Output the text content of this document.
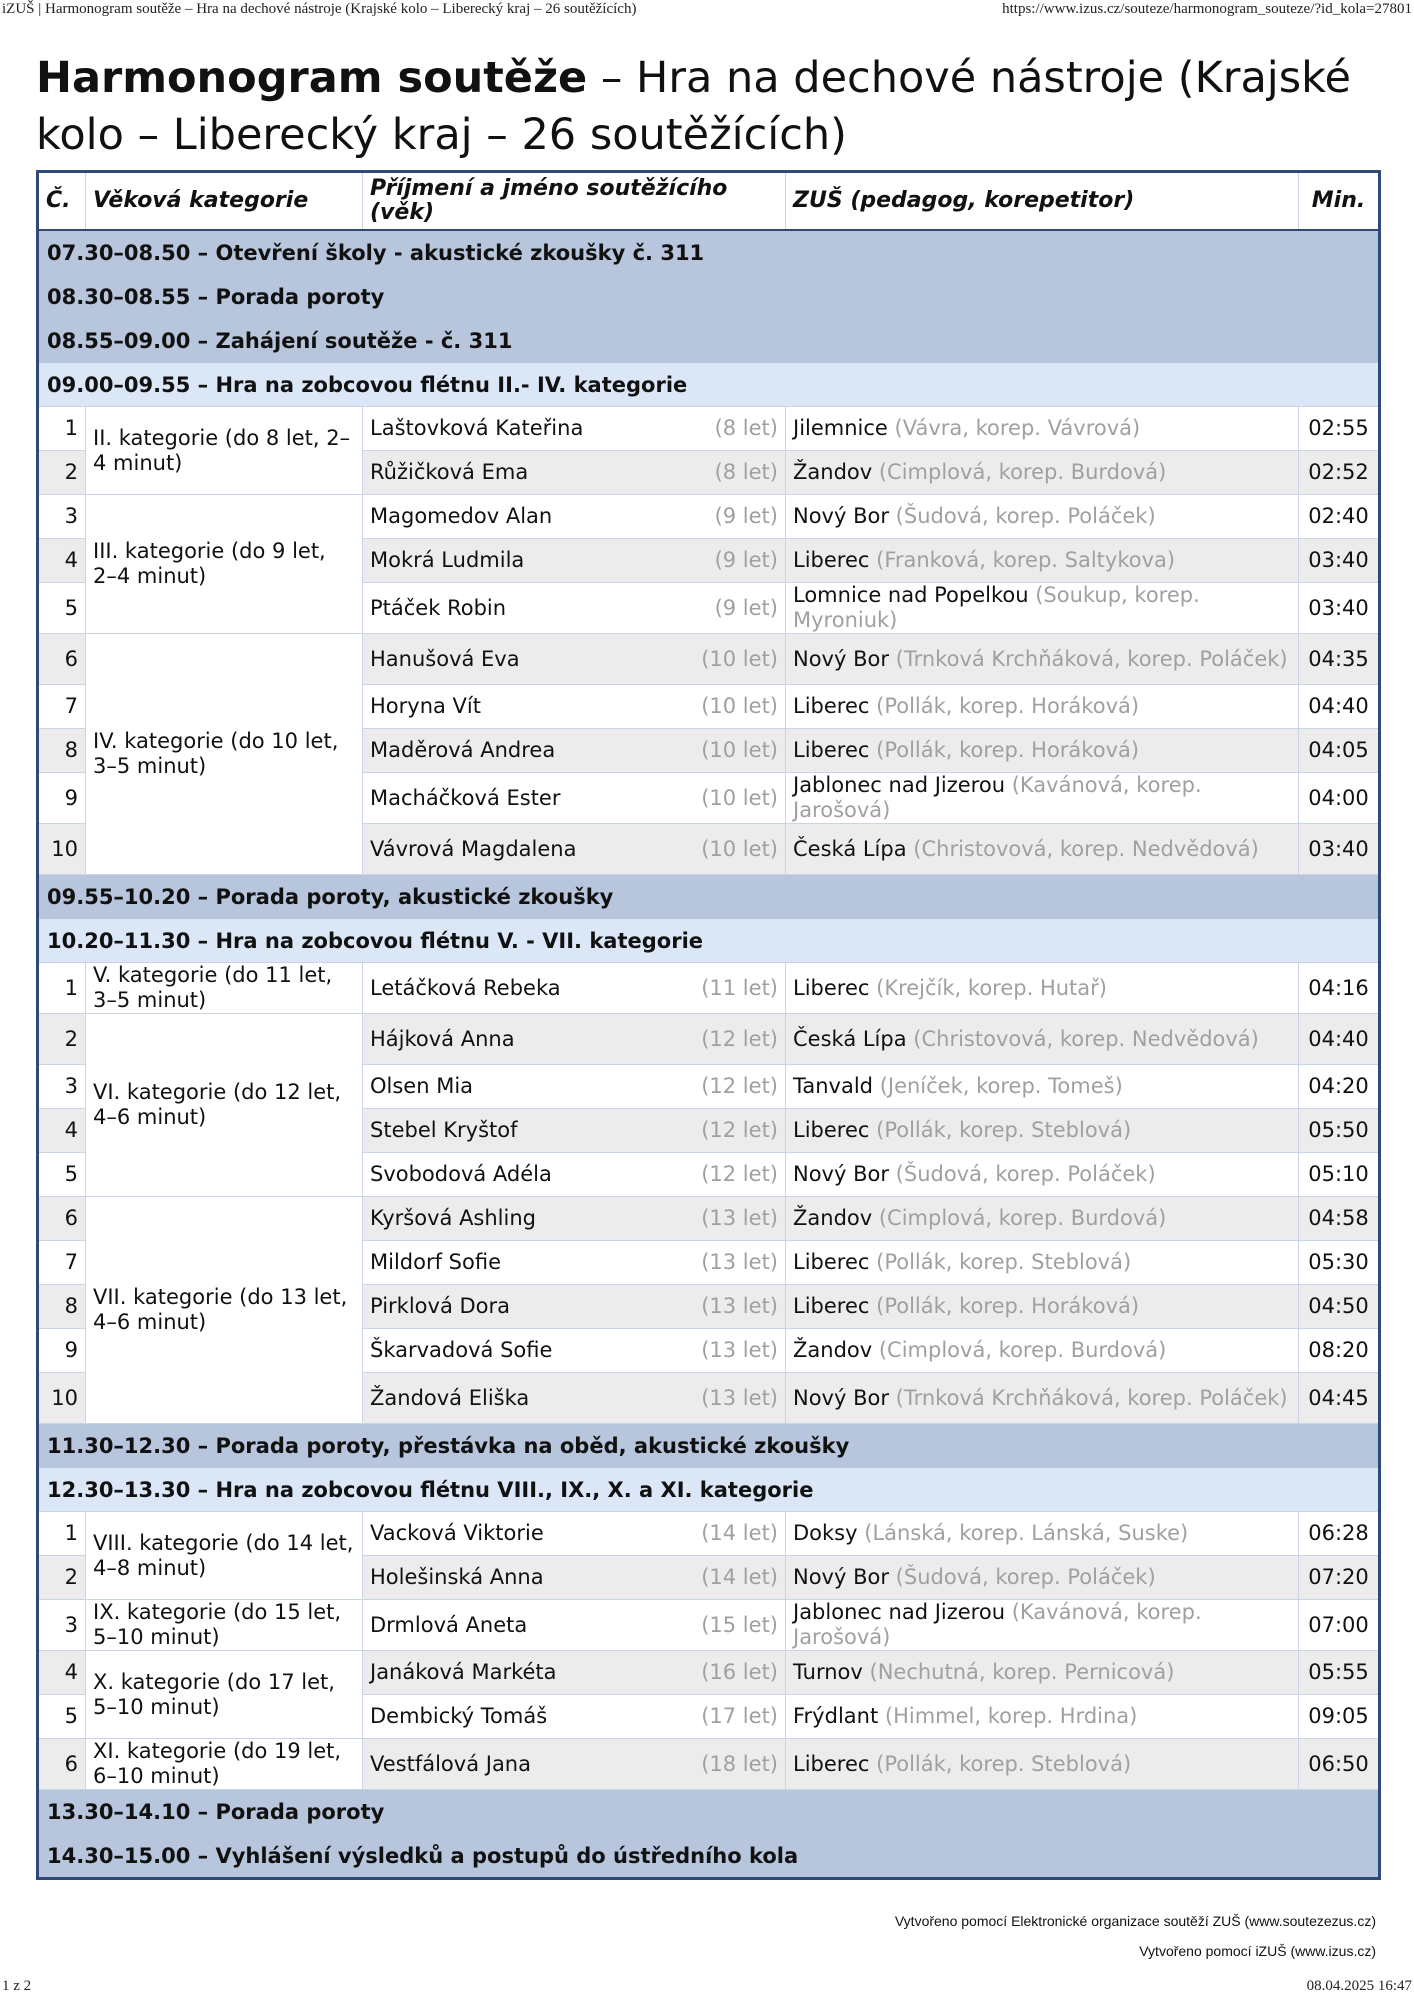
iZUŠ | Harmonogram soutěže – Hra na dechové nástroje (Krajské kolo – Liberecký kraj – 26 soutěžících)	https://www.izus.cz/souteze/harmonogram_souteze/?id_kola=27801
Harmonogram soutěže – Hra na dechové nástroje (Krajské kolo – Liberecký kraj – 26 soutěžících)
Č.	Věková kategorie	Příjmení a jméno soutěžícího (věk)	ZUŠ (pedagog, korepetitor)	Min.
07.30–08.50 – Otevření školy - akustické zkoušky č. 311				
08.30–08.55 – Porada poroty				
08.55–09.00 – Zahájení soutěže - č. 311				
09.00–09.55 – Hra na zobcovou flétnu II.- IV. kategorie				
1	II. kategorie (do 8 let, 2–4 minut)	Laštovková Kateřina (8 let)	Jilemnice (Vávra, korep. Vávrová)	02:55
2		Růžičková Ema (8 let)	Žandov (Cimplová, korep. Burdová)	02:52
3	III. kategorie (do 9 let, 2–4 minut)	Magomedov Alan (9 let)	Nový Bor (Šudová, korep. Poláček)	02:40
4		Mokrá Ludmila (9 let)	Liberec (Franková, korep. Saltykova)	03:40
5		Ptáček Robin (9 let)	Lomnice nad Popelkou (Soukup, korep. Myroniuk)	03:40
6	IV. kategorie (do 10 let, 3–5 minut)	Hanušová Eva (10 let)	Nový Bor (Trnková Krchňáková, korep. Poláček)	04:35
7		Horyna Vít (10 let)	Liberec (Pollák, korep. Horáková)	04:40
8		Maděrová Andrea (10 let)	Liberec (Pollák, korep. Horáková)	04:05
9		Macháčková Ester (10 let)	Jablonec nad Jizerou (Kavánová, korep. Jarošová)	04:00
10		Vávrová Magdalena (10 let)	Česká Lípa (Christovová, korep. Nedvědová)	03:40
09.55–10.20 – Porada poroty, akustické zkoušky				
10.20–11.30 – Hra na zobcovou flétnu V. - VII. kategorie				
1	V. kategorie (do 11 let, 3–5 minut)	Letáčková Rebeka (11 let)	Liberec (Krejčík, korep. Hutař)	04:16
2	VI. kategorie (do 12 let, 4–6 minut)	Hájková Anna (12 let)	Česká Lípa (Christovová, korep. Nedvědová)	04:40
3		Olsen Mia (12 let)	Tanvald (Jeníček, korep. Tomeš)	04:20
4		Stebel Kryštof (12 let)	Liberec (Pollák, korep. Steblová)	05:50
5		Svobodová Adéla (12 let)	Nový Bor (Šudová, korep. Poláček)	05:10
6	VII. kategorie (do 13 let, 4–6 minut)	Kyršová Ashling (13 let)	Žandov (Cimplová, korep. Burdová)	04:58
7		Mildorf Sofie (13 let)	Liberec (Pollák, korep. Steblová)	05:30
8		Pirklová Dora (13 let)	Liberec (Pollák, korep. Horáková)	04:50
9		Škarvadová Sofie (13 let)	Žandov (Cimplová, korep. Burdová)	08:20
10		Žandová Eliška (13 let)	Nový Bor (Trnková Krchňáková, korep. Poláček)	04:45
11.30–12.30 – Porada poroty, přestávka na oběd, akustické zkoušky				
12.30–13.30 – Hra na zobcovou flétnu VIII., IX., X. a XI. kategorie				
1	VIII. kategorie (do 14 let, 4–8 minut)	Vacková Viktorie (14 let)	Doksy (Lánská, korep. Lánská, Suske)	06:28
2		Holešinská Anna (14 let)	Nový Bor (Šudová, korep. Poláček)	07:20
3	IX. kategorie (do 15 let, 5–10 minut)	Drmlová Aneta (15 let)	Jablonec nad Jizerou (Kavánová, korep. Jarošová)	07:00
4	X. kategorie (do 17 let, 5–10 minut)	Janáková Markéta (16 let)	Turnov (Nechutná, korep. Pernicová)	05:55
5		Dembický Tomáš (17 let)	Frýdlant (Himmel, korep. Hrdina)	09:05
6	XI. kategorie (do 19 let, 6–10 minut)	Vestfálová Jana (18 let)	Liberec (Pollák, korep. Steblová)	06:50
13.30–14.10 – Porada poroty				
14.30–15.00 – Vyhlášení výsledků a postupů do ústředního kola				
Vytvořeno pomocí Elektronické organizace soutěží ZUŠ (www.soutezezus.cz)
Vytvořeno pomocí iZUŠ (www.izus.cz)
1 z 2	08.04.2025 16:47
